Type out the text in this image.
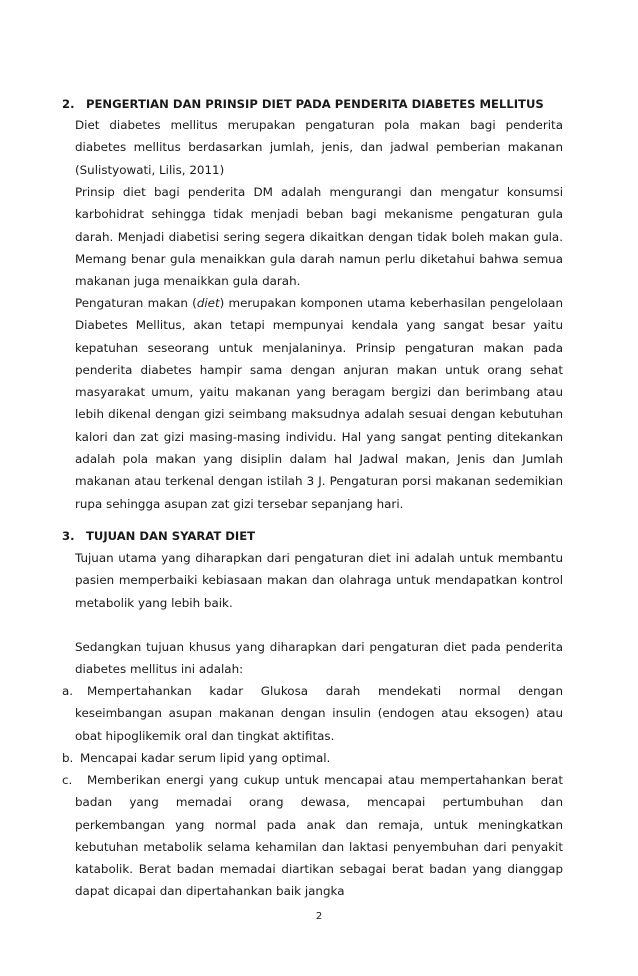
2. PENGERTIAN DAN PRINSIP DIET PADA PENDERITA DIABETES MELLITUS
Diet diabetes mellitus merupakan pengaturan pola makan bagi penderita diabetes mellitus berdasarkan jumlah, jenis, dan jadwal pemberian makanan (Sulistyowati, Lilis, 2011)
Prinsip diet bagi penderita DM adalah mengurangi dan mengatur konsumsi karbohidrat sehingga tidak menjadi beban bagi mekanisme pengaturan gula darah. Menjadi diabetisi sering segera dikaitkan dengan tidak boleh makan gula. Memang benar gula menaikkan gula darah namun perlu diketahui bahwa semua makanan juga menaikkan gula darah.
Pengaturan makan (diet) merupakan komponen utama keberhasilan pengelolaan Diabetes Mellitus, akan tetapi mempunyai kendala yang sangat besar yaitu kepatuhan seseorang untuk menjalaninya. Prinsip pengaturan makan pada penderita diabetes hampir sama dengan anjuran makan untuk orang sehat masyarakat umum, yaitu makanan yang beragam bergizi dan berimbang atau lebih dikenal dengan gizi seimbang maksudnya adalah sesuai dengan kebutuhan kalori dan zat gizi masing-masing individu. Hal yang sangat penting ditekankan adalah pola makan yang disiplin dalam hal Jadwal makan, Jenis dan Jumlah makanan atau terkenal dengan istilah 3 J. Pengaturan porsi makanan sedemikian rupa sehingga asupan zat gizi tersebar sepanjang hari.
3. TUJUAN DAN SYARAT DIET
Tujuan utama yang diharapkan dari pengaturan diet ini adalah untuk membantu pasien memperbaiki kebiasaan makan dan olahraga untuk mendapatkan kontrol metabolik yang lebih baik.
Sedangkan tujuan khusus yang diharapkan dari pengaturan diet pada penderita diabetes mellitus ini adalah:
a.	Mempertahankan kadar Glukosa darah mendekati normal dengan keseimbangan asupan makanan dengan insulin (endogen atau eksogen) atau obat hipoglikemik oral dan tingkat aktifitas.
b. Mencapai kadar serum lipid yang optimal.
c.	Memberikan energi yang cukup untuk mencapai atau mempertahankan berat badan yang memadai orang dewasa, mencapai pertumbuhan dan perkembangan yang normal pada anak dan remaja, untuk meningkatkan kebutuhan metabolik selama kehamilan dan laktasi penyembuhan dari penyakit katabolik. Berat badan memadai diartikan sebagai berat badan yang dianggap dapat dicapai dan dipertahankan baik jangka
2
